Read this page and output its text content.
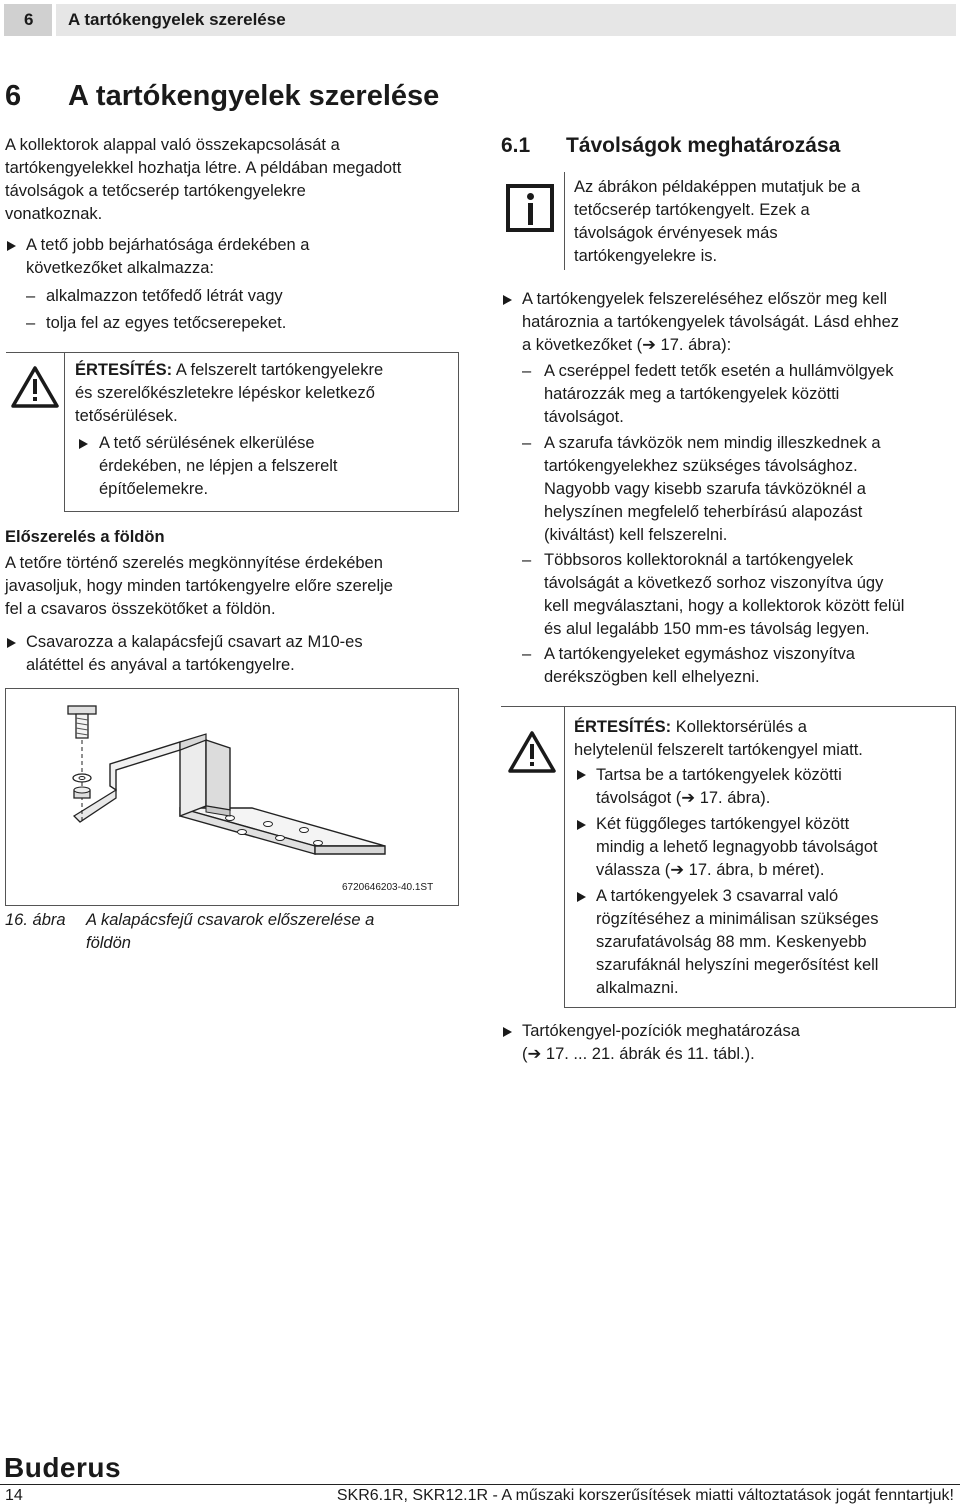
6 A tartókengyelek szerelése
6 A tartókengyelek szerelése
A kollektorok alappal való összekapcsolását a
tartókengyelekkel hozhatja létre. A példában megadott
távolságok a tetőcserép tartókengyelekre
vonatkoznak.
A tető jobb bejárhatósága érdekében a
következőket alkalmazza:
– alkalmazzon tetőfedő létrát vagy
– tolja fel az egyes tetőcserepeket.
ÉRTESÍTÉS: A felszerelt tartókengyelekre
és szerelőkészletekre lépéskor keletkező
tetősérülések.
A tető sérülésének elkerülése
érdekében, ne lépjen a felszerelt
építőelemekre.
Előszerelés a földön
A tetőre történő szerelés megkönnyítése érdekében
javasoljuk, hogy minden tartókengyelre előre szerelje
fel a csavaros összekötőket a földön.
Csavarozza a kalapácsfejű csavart az M10-es
alátéttel és anyával a tartókengyelre.
6720646203-40.1ST
16. ábra A kalapácsfejű csavarok előszerelése a
földön
6.1 Távolságok meghatározása
Az ábrákon példaképpen mutatjuk be a
tetőcserép tartókengyelt. Ezek a
távolságok érvényesek más
tartókengyelekre is.
A tartókengyelek felszereléséhez először meg kell
határoznia a tartókengyelek távolságát. Lásd ehhez
a következőket (➔ 17. ábra):
– A cseréppel fedett tetők esetén a hullámvölgyek
határozzák meg a tartókengyelek közötti
távolságot.
– A szarufa távközök nem mindig illeszkednek a
tartókengyelekhez szükséges távolsághoz.
Nagyobb vagy kisebb szarufa távközöknél a
helyszínen megfelelő teherbírású alapozást
(kiváltást) kell felszerelni.
– Többsoros kollektoroknál a tartókengyelek
távolságát a következő sorhoz viszonyítva úgy
kell megválasztani, hogy a kollektorok között felül
és alul legalább 150 mm-es távolság legyen.
– A tartókengyeleket egymáshoz viszonyítva
derékszögben kell elhelyezni.
ÉRTESÍTÉS: Kollektorsérülés a
helytelenül felszerelt tartókengyel miatt.
Tartsa be a tartókengyelek közötti
távolságot (➔ 17. ábra).
Két függőleges tartókengyel között
mindig a lehető legnagyobb távolságot
válassza (➔ 17. ábra, b méret).
A tartókengyelek 3 csavarral való
rögzítéséhez a minimálisan szükséges
szarufatávolság 88 mm. Keskenyebb
szarufáknál helyszíni megerősítést kell
alkalmazni.
Tartókengyel-pozíciók meghatározása
(➔ 17. ... 21. ábrák és 11. tábl.).
Buderus
14	SKR6.1R, SKR12.1R - A műszaki korszerűsítések miatti változtatások jogát fenntartjuk!
